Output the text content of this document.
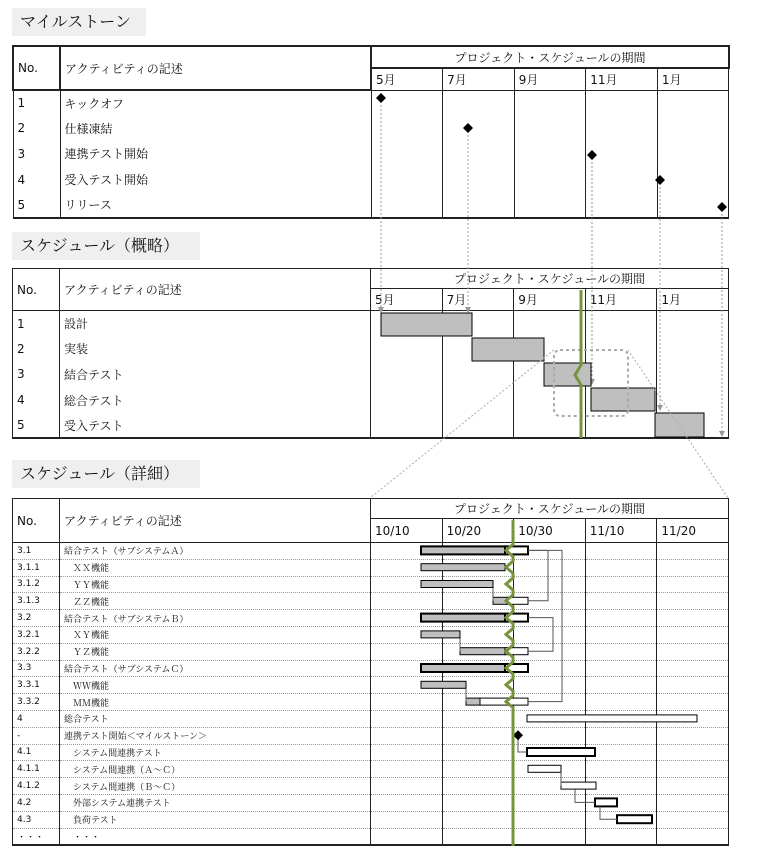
マイルストーン
スケジュール（概略）
スケジュール（詳細）
No.	アクティビティの記述	プロジェクト・スケジュールの期間				
		5月	7月	9月	11月	1月
1	キックオフ					
2	仕様凍結					
3	連携テスト開始					
4	受入テスト開始					
5	リリース					
No.	アクティビティの記述	プロジェクト・スケジュールの期間				
		5月	7月	9月	11月	1月
1	設計					
2	実装					
3	結合テスト					
4	総合テスト					
5	受入テスト					
No.	アクティビティの記述	プロジェクト・スケジュールの期間				
		10/10	10/20	10/30	11/10	11/20
3.1	結合テスト（サブシステムＡ）					
3.1.1	　ＸＸ機能					
3.1.2	　ＹＹ機能					
3.1.3	　ＺＺ機能					
3.2	結合テスト（サブシステムＢ）					
3.2.1	　ＸＹ機能					
3.2.2	　ＹＺ機能					
3.3	結合テスト（サブシステムＣ）					
3.3.1	　ＷＷ機能					
3.3.2	　ＭＭ機能					
4	総合テスト					
-	連携テスト開始＜マイルストーン＞					
4.1	　システム間連携テスト					
4.1.1	　システム間連携（Ａ～Ｃ）					
4.1.2	　システム間連携（Ｂ～Ｃ）					
4.2	　外部システム連携テスト					
4.3	　負荷テスト					
・・・	　・・・					
